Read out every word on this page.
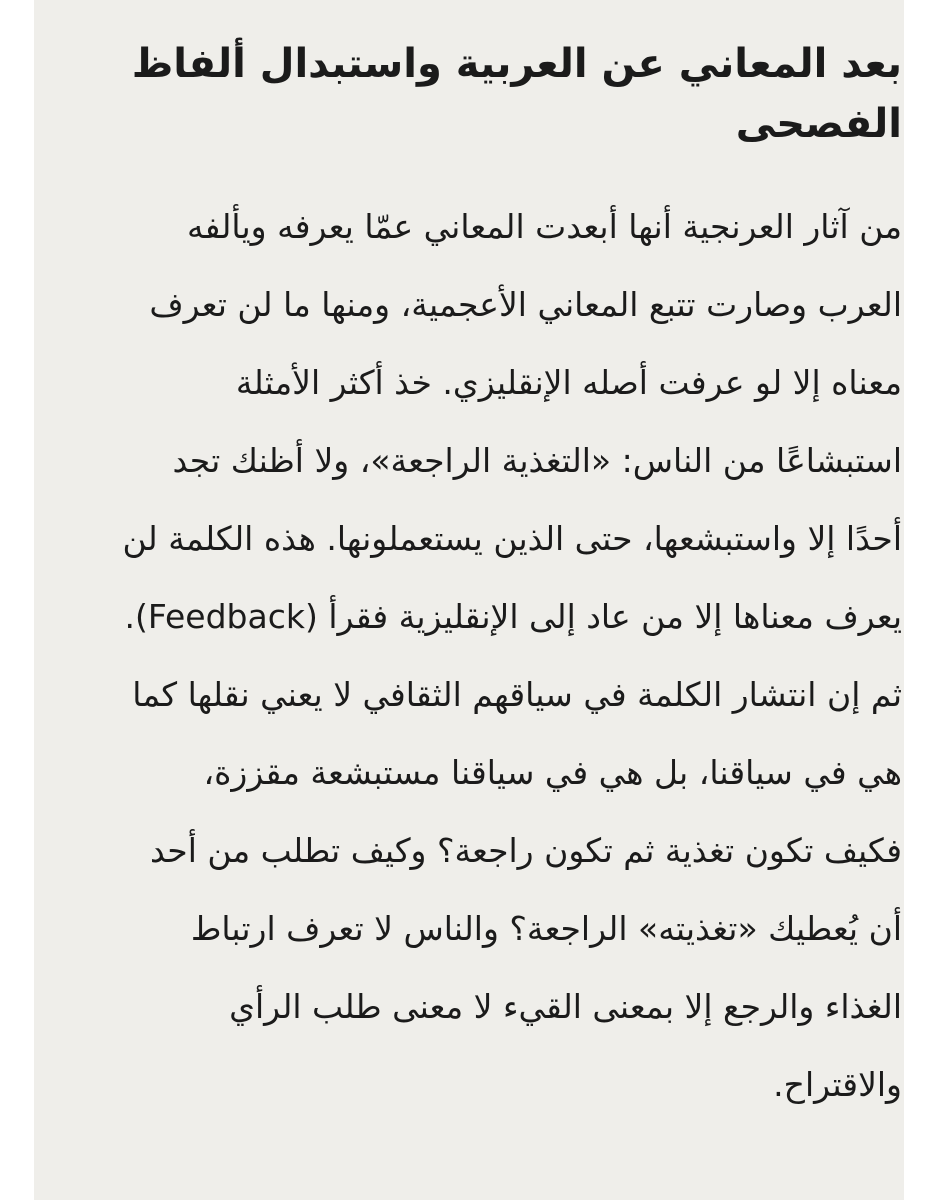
بعد المعاني عن العربية واستبدال ألفاظ الفصحى

من آثار العرنجية أنها أبعدت المعاني عمّا يعرفه ويألفه العرب وصارت تتبع المعاني الأعجمية، ومنها ما لن تعرف معناه إلا لو عرفت أصله الإنقليزي. خذ أكثر الأمثلة استبشاعًا من الناس: «التغذية الراجعة»، ولا أظنك تجد أحدًا إلا واستبشعها، حتى الذين يستعملونها. هذه الكلمة لن يعرف معناها إلا من عاد إلى الإنقليزية فقرأ (Feedback). ثم إن انتشار الكلمة في سياقهم الثقافي لا يعني نقلها كما هي في سياقنا، بل هي في سياقنا مستبشعة مقززة، فكيف تكون تغذية ثم تكون راجعة؟ وكيف تطلب من أحد أن يُعطيك «تغذيته» الراجعة؟ والناس لا تعرف ارتباط الغذاء والرجع إلا بمعنى القيء لا معنى طلب الرأي والاقتراح.
